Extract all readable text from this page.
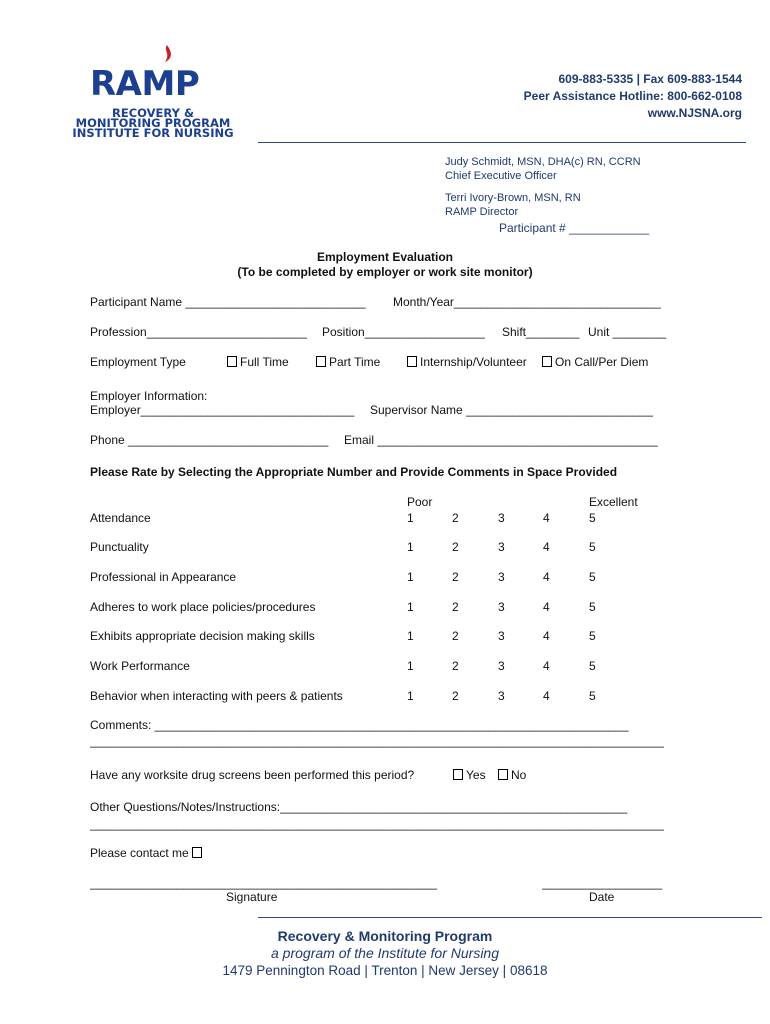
RAMP

RECOVERY &

MONITORING PROGRAM

INSTITUTE FOR NURSING

609-883-5335 | Fax 609-883-1544
Peer Assistance Hotline: 800-662-0108
www.NJSNA.org
Judy Schmidt, MSN, DHA(c) RN, CCRN
Chief Executive Officer
Terri Ivory-Brown, MSN, RN
RAMP Director
Participant # ____________
Employment Evaluation
(To be completed by employer or work site monitor)
Participant Name ___________________________ Month/Year_______________________________
Profession________________________ Position__________________ Shift________ Unit ________
Employment Type	Full Time	Part Time	Internship/Volunteer	On Call/Per Diem
Employer Information:
Employer________________________________ Supervisor Name ____________________________
Phone ______________________________ Email __________________________________________
Please Rate by Selecting the Appropriate Number and Provide Comments in Space Provided
Poor	Excellent
Attendance	1	2	3	4	5
Punctuality	1	2	3	4	5
Professional in Appearance	1	2	3	4	5
Adheres to work place policies/procedures	1	2	3	4	5
Exhibits appropriate decision making skills	1	2	3	4	5
Work Performance	1	2	3	4	5
Behavior when interacting with peers & patients	1	2	3	4	5
Comments: _______________________________________________________________________
______________________________________________________________________________________
Have any worksite drug screens been performed this period?	Yes	No
Other Questions/Notes/Instructions:____________________________________________________
______________________________________________________________________________________
Please contact me
____________________________________________________
Signature
__________________
Date
Recovery & Monitoring Program
a program of the Institute for Nursing
1479 Pennington Road | Trenton | New Jersey | 08618
